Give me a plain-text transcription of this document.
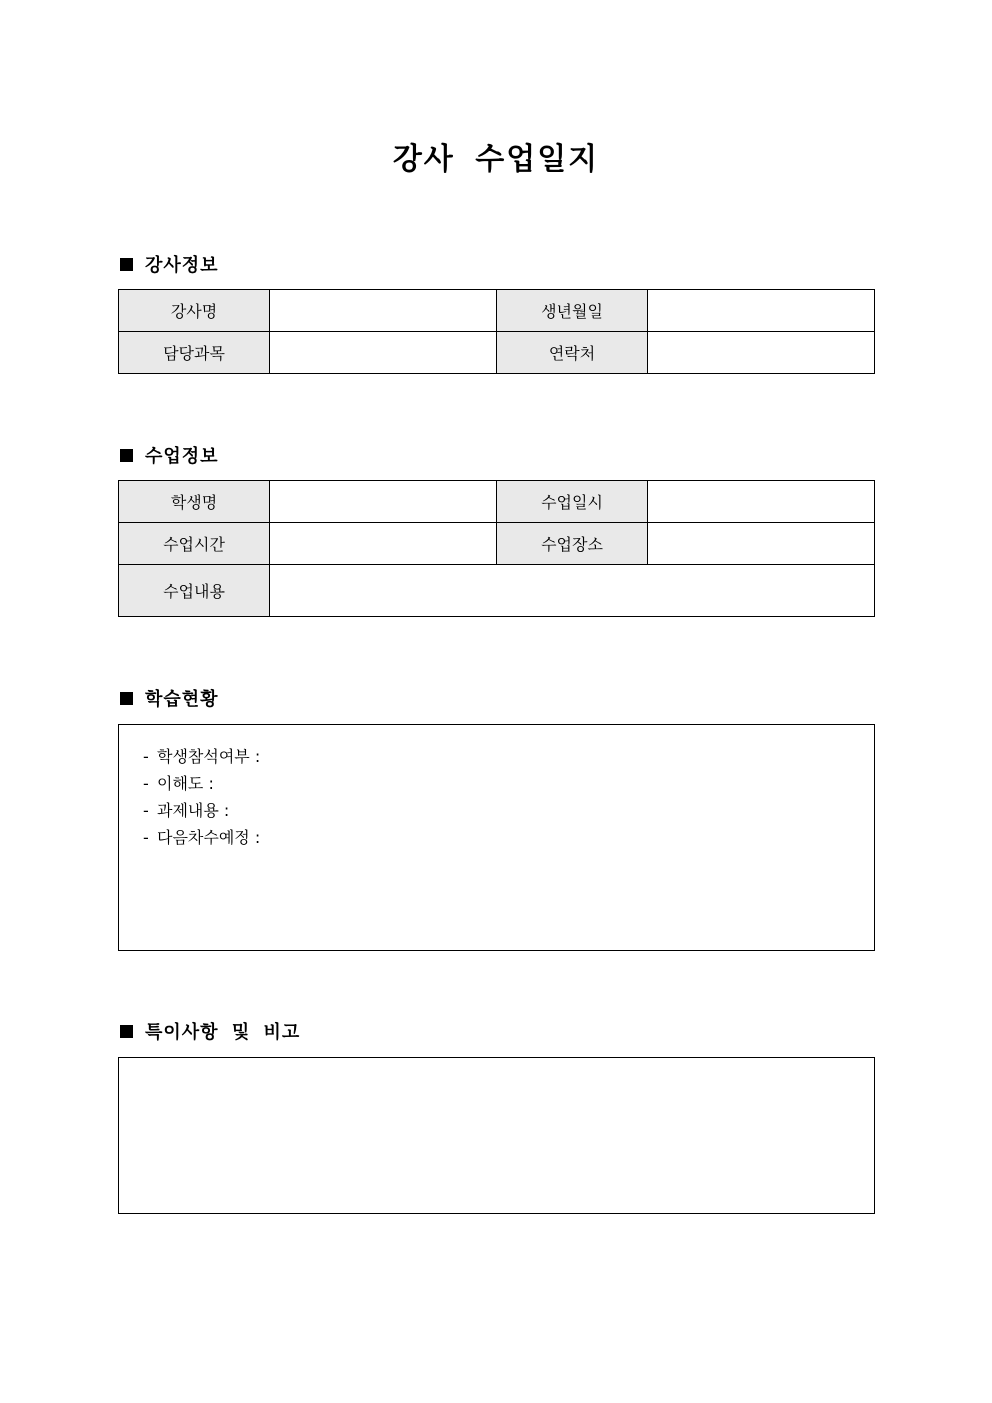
강사 수업일지
강사정보
강사명		생년월일	
담당과목		연락처	
수업정보
학생명		수업일시	
수업시간		수업장소	
수업내용			
학습현황
- 학생참석여부 :
- 이해도 :
- 과제내용 :
- 다음차수예정 :
특이사항 및 비고
